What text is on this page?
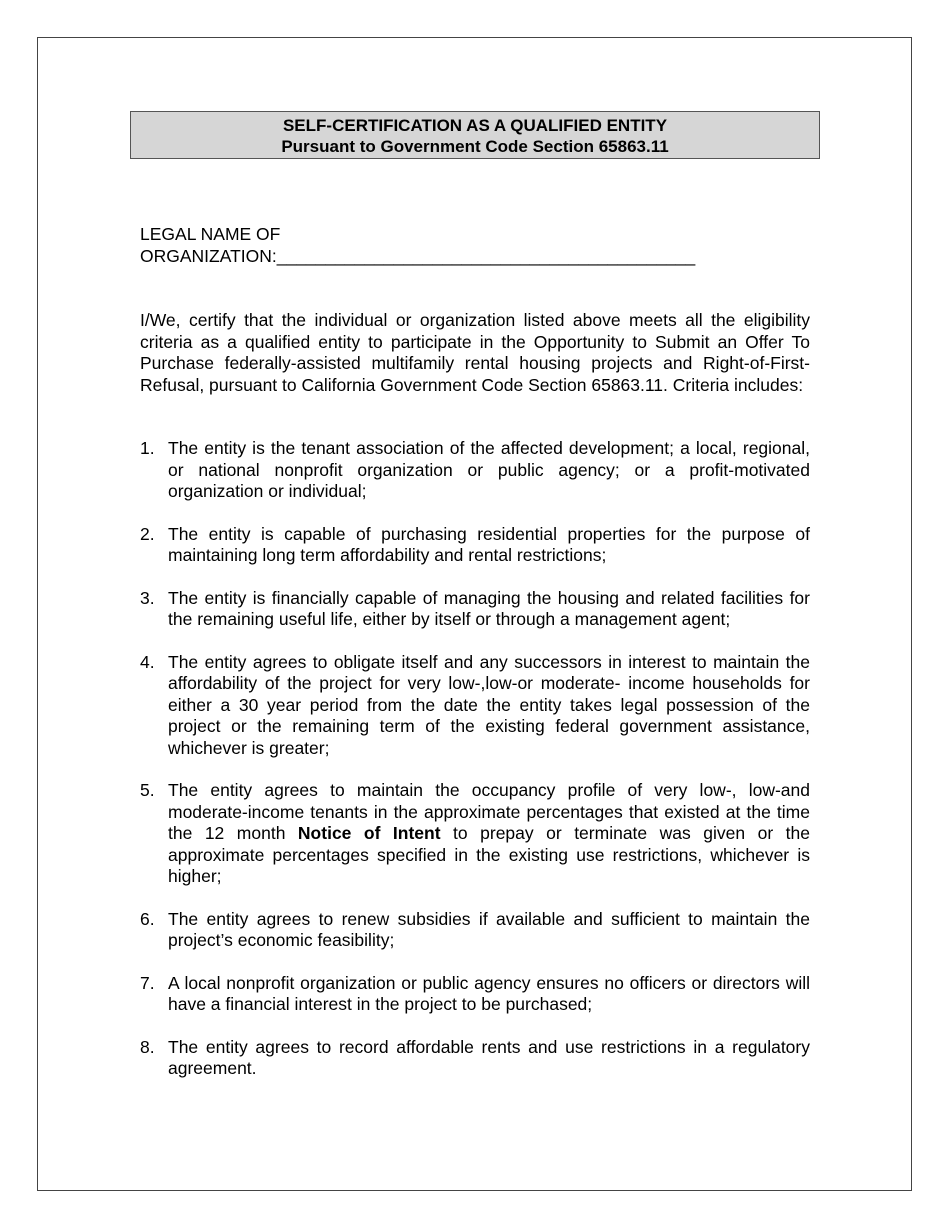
SELF-CERTIFICATION AS A QUALIFIED ENTITY
Pursuant to Government Code Section 65863.11
LEGAL NAME OF
ORGANIZATION:___________________________________________
I/We, certify that the individual or organization listed above meets all the eligibility criteria as a qualified entity to participate in the Opportunity to Submit an Offer To Purchase federally-assisted multifamily rental housing projects and Right-of-First-Refusal, pursuant to California Government Code Section 65863.11. Criteria includes:
1. The entity is the tenant association of the affected development; a local, regional, or national nonprofit organization or public agency; or a profit-motivated organization or individual;
2. The entity is capable of purchasing residential properties for the purpose of maintaining long term affordability and rental restrictions;
3. The entity is financially capable of managing the housing and related facilities for the remaining useful life, either by itself or through a management agent;
4. The entity agrees to obligate itself and any successors in interest to maintain the affordability of the project for very low-,low-or moderate- income households for either a 30 year period from the date the entity takes legal possession of the project or the remaining term of the existing federal government assistance, whichever is greater;
5. The entity agrees to maintain the occupancy profile of very low-, low-and moderate-income tenants in the approximate percentages that existed at the time the 12 month Notice of Intent to prepay or terminate was given or the approximate percentages specified in the existing use restrictions, whichever is higher;
6. The entity agrees to renew subsidies if available and sufficient to maintain the project’s economic feasibility;
7. A local nonprofit organization or public agency ensures no officers or directors will have a financial interest in the project to be purchased;
8. The entity agrees to record affordable rents and use restrictions in a regulatory agreement.
